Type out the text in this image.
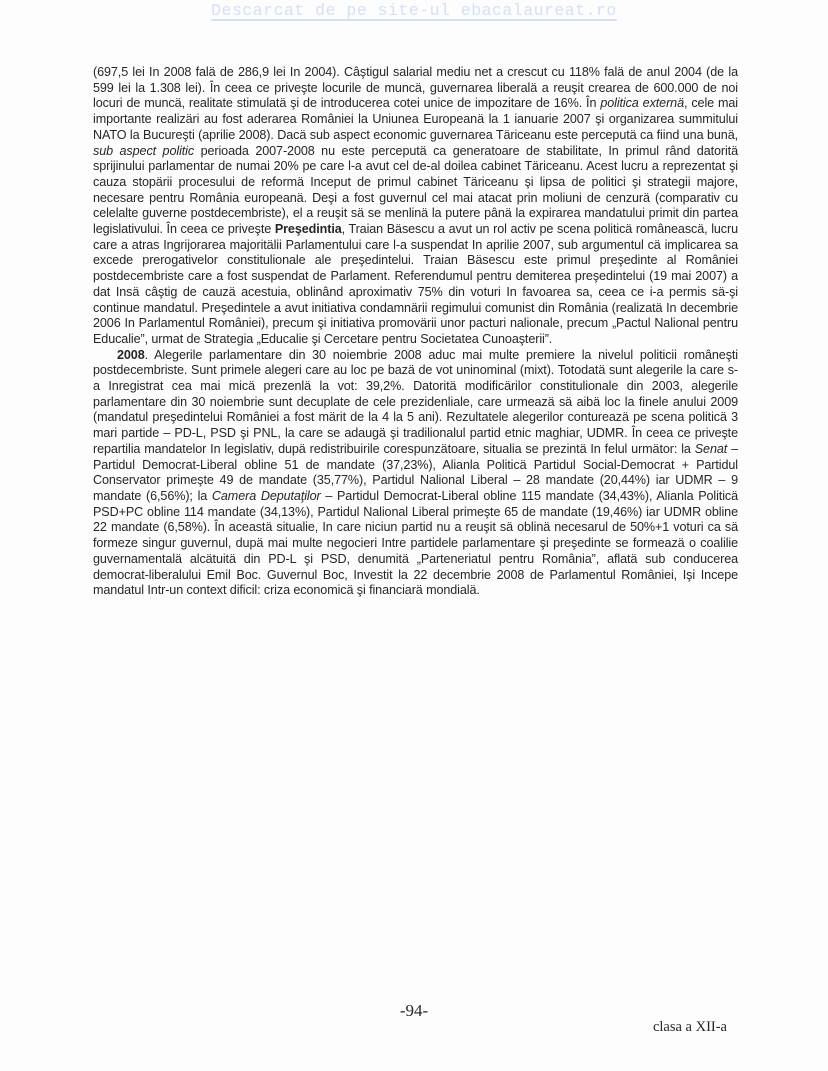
Descarcat de pe site-ul ebacalaureat.ro

(697,5 lei In 2008 falä de 286,9 lei In 2004). Câştigul salarial mediu net a crescut cu 118% falä de anul 2004 (de la 599 lei la 1.308 lei). În ceea ce priveşte locurile de muncä, guvernarea liberalä a reuşit crearea de 600.000 de noi locuri de muncä, realitate stimulatä şi de introducerea cotei unice de impozitare de 16%. În politica externä, cele mai importante realizäri au fost aderarea României la Uniunea Europeanä la 1 ianuarie 2007 şi organizarea summitului NATO la Bucureşti (aprilie 2008). Dacä sub aspect economic guvernarea Täriceanu este perceputä ca fiind una bunä, sub aspect politic perioada 2007-2008 nu este perceputä ca generatoare de stabilitate, In primul rând datoritä sprijinului parlamentar de numai 20% pe care l-a avut cel de-al doilea cabinet Täriceanu. Acest lucru a reprezentat şi cauza stopärii procesului de reformä Inceput de primul cabinet Täriceanu şi lipsa de politici şi strategii majore, necesare pentru România europeanä. Deşi a fost guvernul cel mai atacat prin moliuni de cenzurä (comparativ cu celelalte guverne postdecembriste), el a reuşit sä se menlinä la putere pânä la expirarea mandatului primit din partea legislativului. În ceea ce priveşte Preşedintia, Traian Bäsescu a avut un rol activ pe scena politicä româneascä, lucru care a atras Ingrijorarea majoritälii Parlamentului care l-a suspendat In aprilie 2007, sub argumentul cä implicarea sa excede prerogativelor constitulionale ale preşedintelui. Traian Bäsescu este primul preşedinte al României postdecembriste care a fost suspendat de Parlament. Referendumul pentru demiterea preşedintelui (19 mai 2007) a dat Insä câştig de cauzä acestuia, oblinând aproximativ 75% din voturi In favoarea sa, ceea ce i-a permis sä-şi continue mandatul. Preşedintele a avut initiativa condamnärii regimului comunist din România (realizatä In decembrie 2006 In Parlamentul României), precum şi initiativa promovärii unor pacturi nalionale, precum „Pactul Nalional pentru Educalie”, urmat de Strategia „Educalie şi Cercetare pentru Societatea Cunoaşterii”.

2008. Alegerile parlamentare din 30 noiembrie 2008 aduc mai multe premiere la nivelul politicii româneşti postdecembriste. Sunt primele alegeri care au loc pe bazä de vot uninominal (mixt). Totodatä sunt alegerile la care s-a Inregistrat cea mai micä prezenlä la vot: 39,2%. Datoritä modificärilor constitulionale din 2003, alegerile parlamentare din 30 noiembrie sunt decuplate de cele prezidenliale, care urmeazä sä aibä loc la finele anului 2009 (mandatul preşedintelui României a fost märit de la 4 la 5 ani). Rezultatele alegerilor contureazä pe scena politicä 3 mari partide – PD-L, PSD şi PNL, la care se adaugä şi tradilionalul partid etnic maghiar, UDMR. În ceea ce priveşte repartilia mandatelor In legislativ, dupä redistribuirile corespunzätoare, situalia se prezintä In felul urmätor: la Senat – Partidul Democrat-Liberal obline 51 de mandate (37,23%), Alianla Politicä Partidul Social-Democrat + Partidul Conservator primeşte 49 de mandate (35,77%), Partidul Nalional Liberal – 28 mandate (20,44%) iar UDMR – 9 mandate (6,56%); la Camera Deputaţilor – Partidul Democrat-Liberal obline 115 mandate (34,43%), Alianla Politicä PSD+PC obline 114 mandate (34,13%), Partidul Nalional Liberal primeşte 65 de mandate (19,46%) iar UDMR obline 22 mandate (6,58%). În aceastä situalie, In care niciun partid nu a reuşit sä oblinä necesarul de 50%+1 voturi ca sä formeze singur guvernul, dupä mai multe negocieri Intre partidele parlamentare şi preşedinte se formeazä o coalilie guvernamentalä alcätuitä din PD-L şi PSD, denumitä „Parteneriatul pentru România”, aflatä sub conducerea democrat-liberalului Emil Boc. Guvernul Boc, Investit la 22 decembrie 2008 de Parlamentul României, Işi Incepe mandatul Intr-un context dificil: criza economicä şi financiarä mondialä.

-94-
clasa a XII-a
